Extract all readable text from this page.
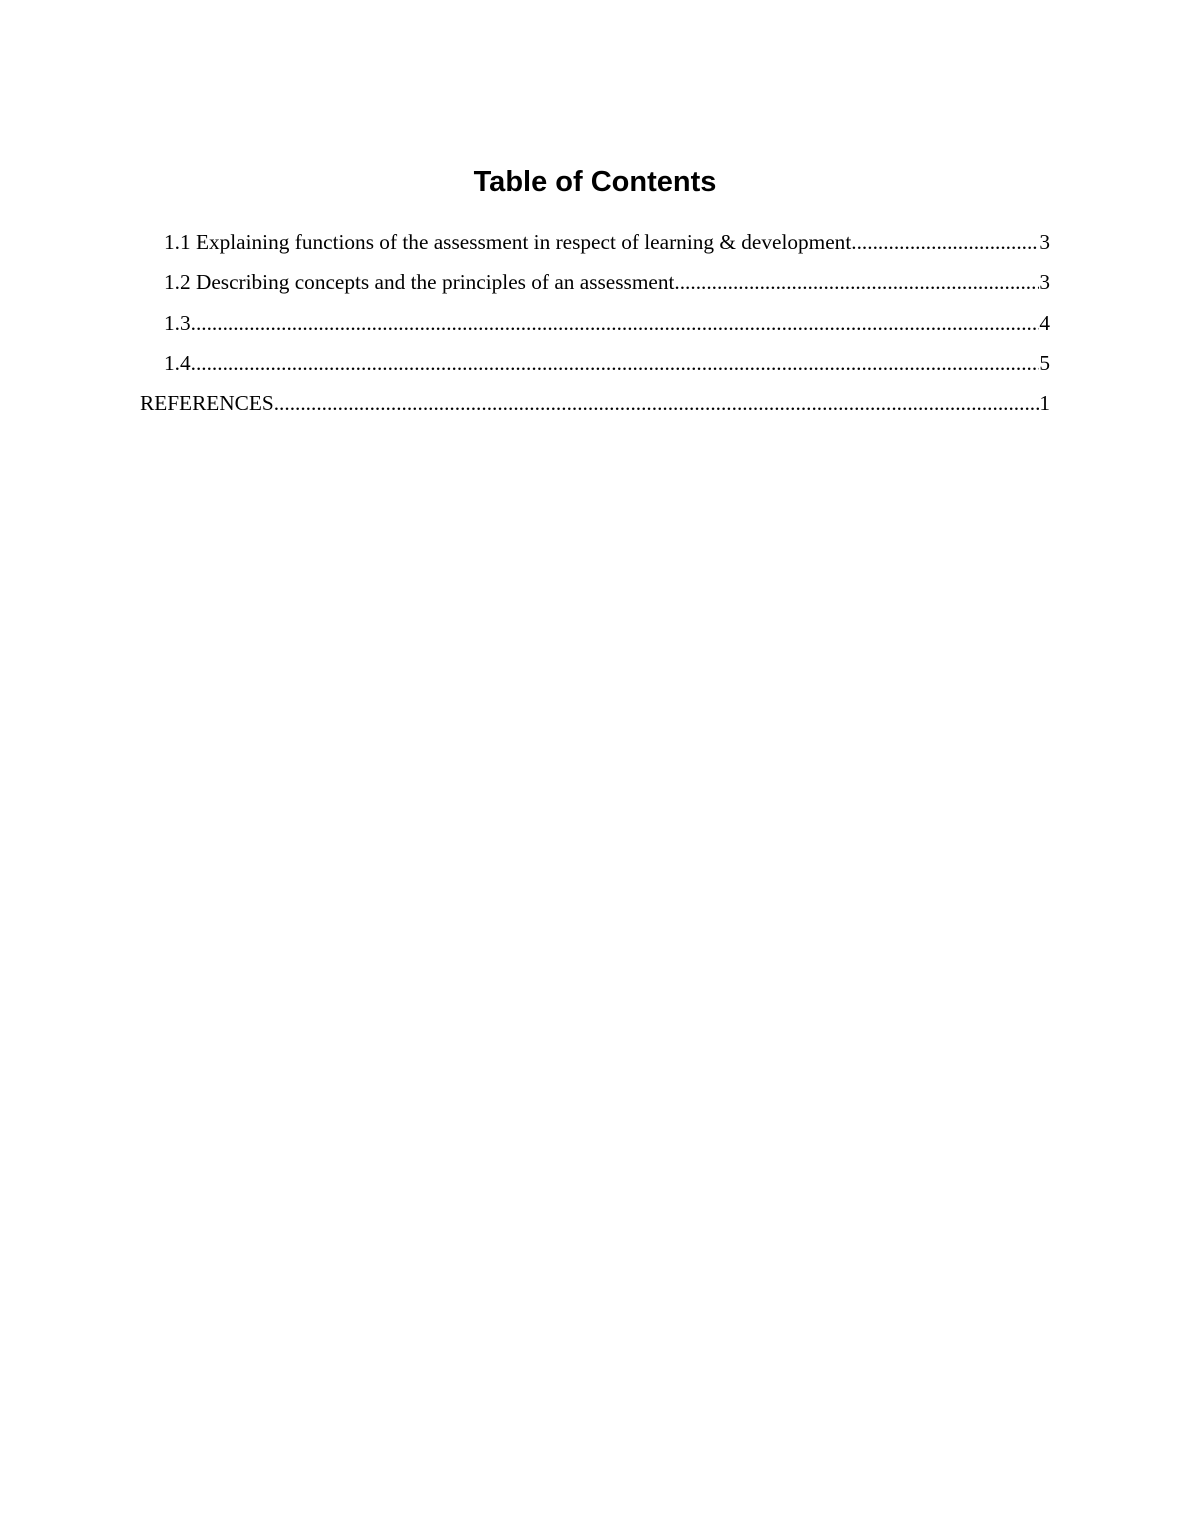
Table of Contents
1.1 Explaining functions of the assessment in respect of learning & development .....	3
1.2 Describing concepts and the principles of an assessment .....	3
1.3 .....	4
1.4 .....	5
REFERENCES .....	1
